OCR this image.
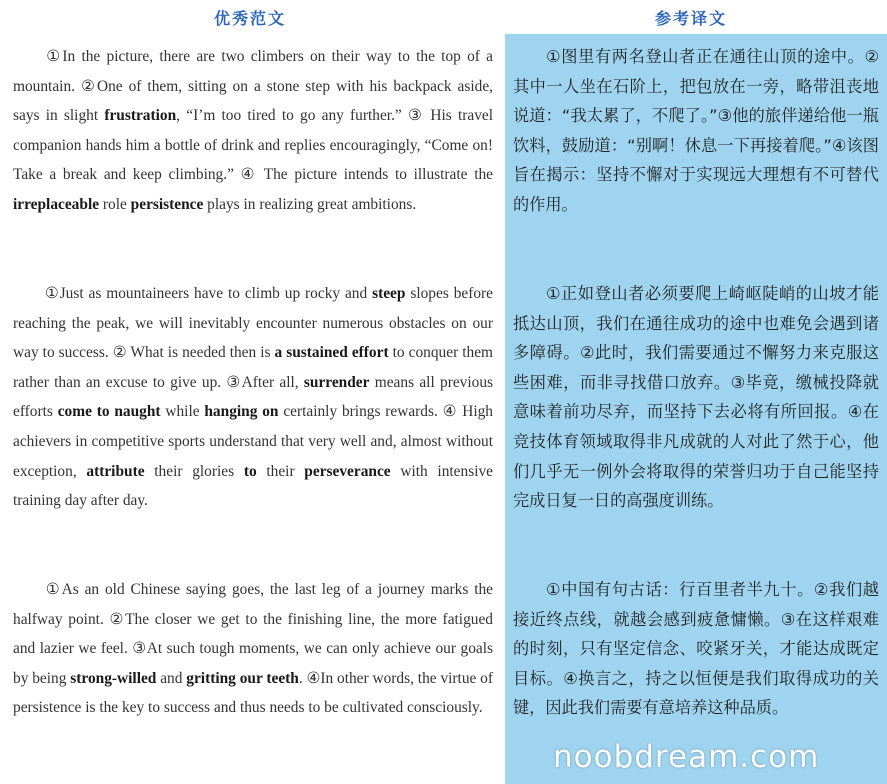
优秀范文	参考译文

①In the picture, there are two climbers on their way to the top of a mountain. ②One of them, sitting on a stone step with his backpack aside, says in slight frustration, “I’m too tired to go any further.” ③ His travel companion hands him a bottle of drink and replies encouragingly, “Come on! Take a break and keep climbing.” ④ The picture intends to illustrate the irreplaceable role persistence plays in realizing great ambitions.

①Just as mountaineers have to climb up rocky and steep slopes before reaching the peak, we will inevitably encounter numerous obstacles on our way to success. ② What is needed then is a sustained effort to conquer them rather than an excuse to give up. ③After all, surrender means all previous efforts come to naught while hanging on certainly brings rewards. ④ High achievers in competitive sports understand that very well and, almost without exception, attribute their glories to their perseverance with intensive training day after day.

①As an old Chinese saying goes, the last leg of a journey marks the halfway point. ②The closer we get to the finishing line, the more fatigued and lazier we feel. ③At such tough moments, we can only achieve our goals by being strong-willed and gritting our teeth. ④In other words, the virtue of persistence is the key to success and thus needs to be cultivated consciously.

①图里有两名登山者正在通往山顶的途中。②其中一人坐在石阶上，把包放在一旁，略带沮丧地说道：“我太累了，不爬了。”③他的旅伴递给他一瓶饮料，鼓励道：“别啊！休息一下再接着爬。”④该图旨在揭示：坚持不懈对于实现远大理想有不可替代的作用。

①正如登山者必须要爬上崎岖陡峭的山坡才能抵达山顶，我们在通往成功的途中也难免会遇到诸多障碍。②此时，我们需要通过不懈努力来克服这些困难，而非寻找借口放弃。③毕竟，缴械投降就意味着前功尽弃，而坚持下去必将有所回报。④在竞技体育领域取得非凡成就的人对此了然于心，他们几乎无一例外会将取得的荣誉归功于自己能坚持完成日复一日的高强度训练。

①中国有句古话：行百里者半九十。②我们越接近终点线，就越会感到疲惫慵懒。③在这样艰难的时刻，只有坚定信念、咬紧牙关，才能达成既定目标。④换言之，持之以恒便是我们取得成功的关键，因此我们需要有意培养这种品质。

noobdream.com
